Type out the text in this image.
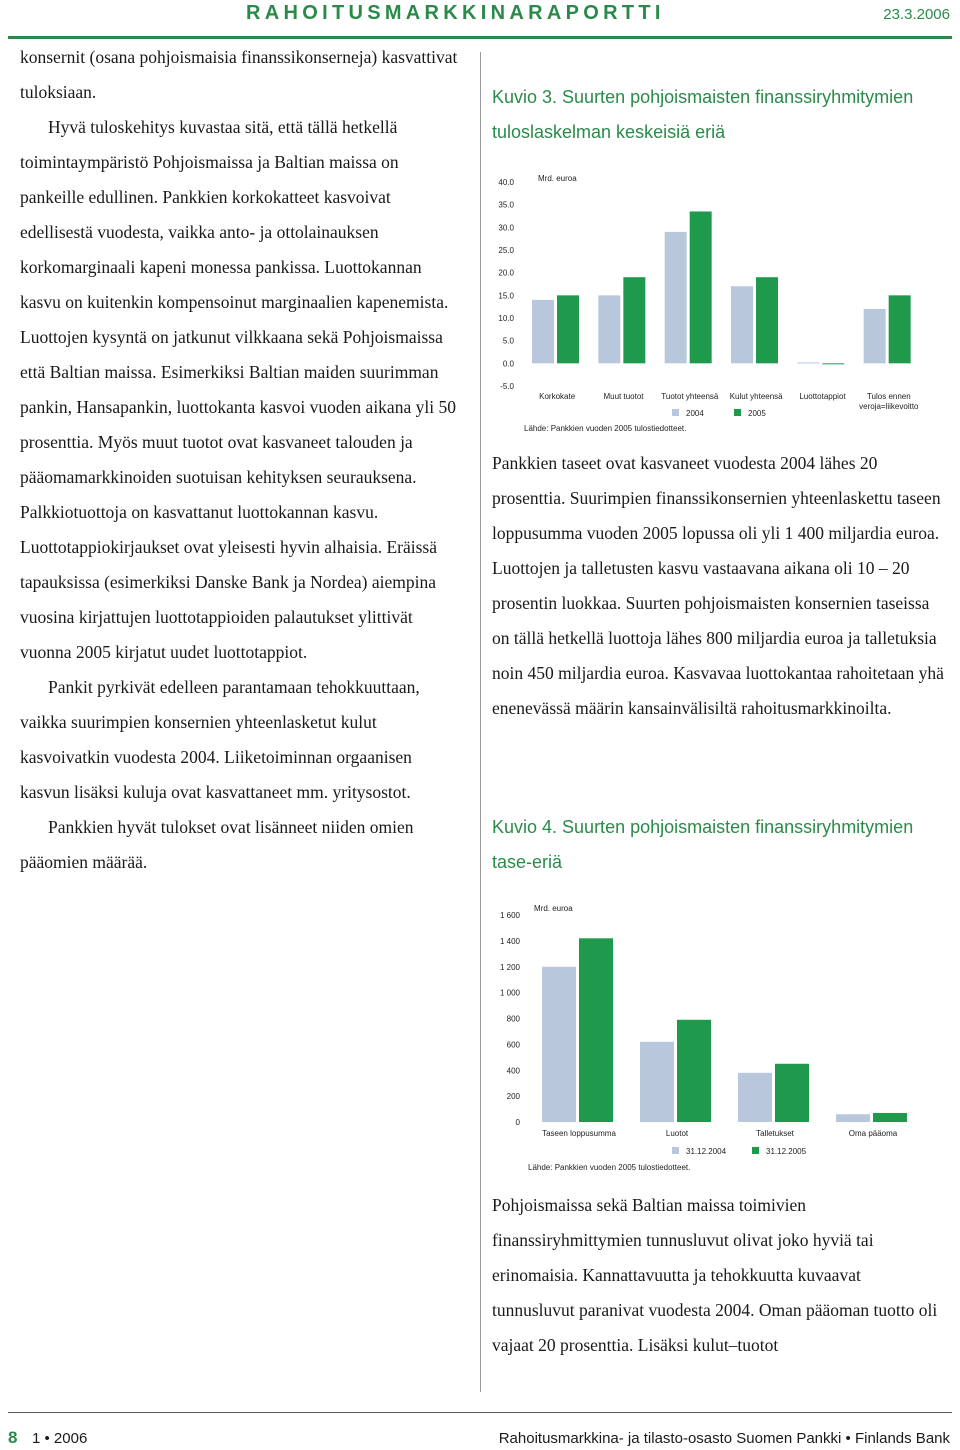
RAHOITUSMARKKINARAPORTTI	23.3.2006

konsernit (osana pohjoismaisia finanssikonserneja) kasvattivat tuloksiaan.

Hyvä tuloskehitys kuvastaa sitä, että tällä hetkellä toimintaympäristö Pohjoismaissa ja Baltian maissa on pankeille edullinen. Pankkien korkokatteet kasvoivat edellisestä vuodesta, vaikka anto- ja ottolainauksen korkomarginaali kapeni monessa pankissa. Luottokannan kasvu on kuitenkin kompensoinut marginaalien kapenemista. Luottojen kysyntä on jatkunut vilkkaana sekä Pohjoismaissa että Baltian maissa. Esimerkiksi Baltian maiden suurimman pankin, Hansapankin, luottokanta kasvoi vuoden aikana yli 50 prosenttia. Myös muut tuotot ovat kasvaneet talouden ja pääomamarkkinoiden suotuisan kehityksen seurauksena. Palkkiotuottoja on kasvattanut luottokannan kasvu. Luottotappiokirjaukset ovat yleisesti hyvin alhaisia. Eräissä tapauksissa (esimerkiksi Danske Bank ja Nordea) aiempina vuosina kirjattujen luottotappioiden palautukset ylittivät vuonna 2005 kirjatut uudet luottotappiot.

Pankit pyrkivät edelleen parantamaan tehokkuuttaan, vaikka suurimpien konsernien yhteenlasketut kulut kasvoivatkin vuodesta 2004. Liiketoiminnan orgaanisen kasvun lisäksi kuluja ovat kasvattaneet mm. yritysostot.

Pankkien hyvät tulokset ovat lisänneet niiden omien pääomien määrää.

Kuvio 3. Suurten pohjoismaisten finanssiryhmitymien tuloslaskelman keskeisiä eriä
40.0
35.0
30.0
25.0
20.0
15.0
10.0
5.0
0.0
-5.0
Mrd. euroa
Korkokate	Muut tuotot Tuotot yhteensä Kulut yhteensä Luottotappiot	Tulos ennen veroja=liikevoitto
2004	2005
Lähde: Pankkien vuoden 2005 tulostiedotteet.
Pankkien taseet ovat kasvaneet vuodesta 2004 lähes 20 prosenttia. Suurimpien finanssikonsernien yhteenlaskettu taseen loppusumma vuoden 2005 lopussa oli yli 1 400 miljardia euroa. Luottojen ja talletusten kasvu vastaavana aikana oli 10 – 20 prosentin luokkaa. Suurten pohjoismaisten konsernien taseissa on tällä hetkellä luottoja lähes 800 miljardia euroa ja talletuksia noin 450 miljardia euroa. Kasvavaa luottokantaa rahoitetaan yhä enenevässä määrin kansainvälisiltä rahoitusmarkkinoilta.
Kuvio 4. Suurten pohjoismaisten finanssiryhmitymien tase-eriä
1 600
1 400
1 200
1 000
800
600
400
200
0
Mrd. euroa
Taseen loppusumma	Luotot	Talletukset	Oma pääoma
31.12.2004	31.12.2005
Lähde: Pankkien vuoden 2005 tulostiedotteet.
Pohjoismaissa sekä Baltian maissa toimivien finanssiryhmittymien tunnusluvut olivat joko hyviä tai erinomaisia. Kannattavuutta ja tehokkuutta kuvaavat tunnusluvut paranivat vuodesta 2004. Oman pääoman tuotto oli vajaat 20 prosenttia. Lisäksi kulut–tuotot
8 1 • 2006	Rahoitusmarkkina- ja tilasto-osasto Suomen Pankki • Finlands Bank
